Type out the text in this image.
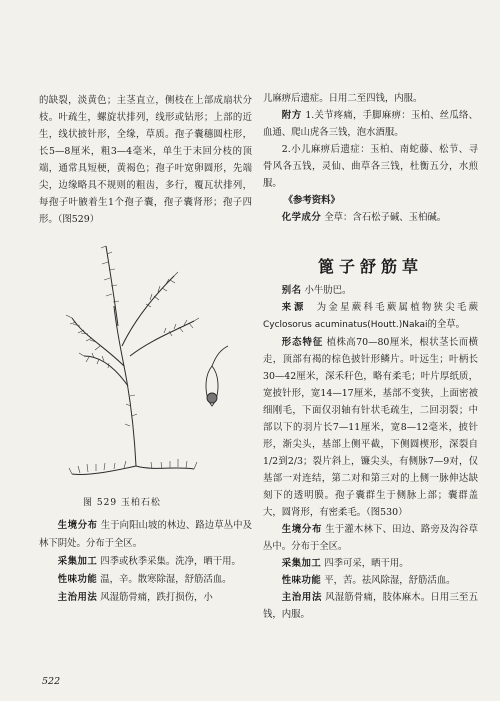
的缺裂，淡黄色；主茎直立，侧枝在上部成扇状分枝。叶疏生，螺旋状排列，线形或钻形；上部的近生，线状披针形，全缘，草质。孢子囊穗圆柱形，长5—8厘米，粗3—4毫米，单生于末回分枝的顶端，通常具短梗，黄褐色；孢子叶宽卵圆形，先端尖，边缘略具不规则的粗齿，多行，覆瓦状排列，每孢子叶腋着生1个孢子囊，孢子囊肾形；孢子四形。（图529）

图 529 玉柏石松

生境分布 生于向阳山坡的林边、路边草丛中及林下阴处。分布于全区。

采集加工 四季或秋季采集。洗净，晒干用。

性味功能 温，辛。散寒除湿，舒筋活血。

主治用法 风湿筋骨痛，跌打损伤，小

儿麻痹后遗症。日用二至四钱，内服。

附方 1.关节疼痛，手脚麻痹：玉柏、丝瓜络、血通、爬山虎各三钱，泡水酒服。

2.小儿麻痹后遗症：玉柏、南蛇藤、松节、寻骨风各五钱，灵仙、曲草各三钱，杜衡五分，水煎服。

《参考资料》

化学成分 全草：含石松子碱、玉柏碱。

篦子舒筋草

别名 小牛肋巴。

来源 为金星蕨科毛蕨属植物狭尖毛蕨Cyclosorus acuminatus(Houtt.)Nakai的全草。

形态特征 植株高70—80厘米，根状茎长而横走，顶部有褐的棕色披针形鳞片。叶远生；叶柄长30—42厘米，深禾秆色，略有柔毛；叶片厚纸质，宽披针形，宽14—17厘米，基部不变狭，上面密被细刚毛，下面仅羽轴有针状毛疏生，二回羽裂；中部以下的羽片长7—11厘米，宽8—12毫米，披针形，渐尖头，基部上侧平截，下侧圆楔形，深裂自1/2到2/3；裂片斜上，镰尖头，有侧脉7—9对，仅基部一对连结，第二对和第三对的上侧一脉伸达缺刻下的透明膜。孢子囊群生于侧脉上部；囊群盖大，圆肾形，有密柔毛。（图530）

生境分布 生于灌木林下、田边、路旁及沟谷草丛中。分布于全区。

采集加工 四季可采，晒干用。

性味功能 平，苦。祛风除湿，舒筋活血。

主治用法 风湿筋骨痛，肢体麻木。日用三至五钱，内服。

522
